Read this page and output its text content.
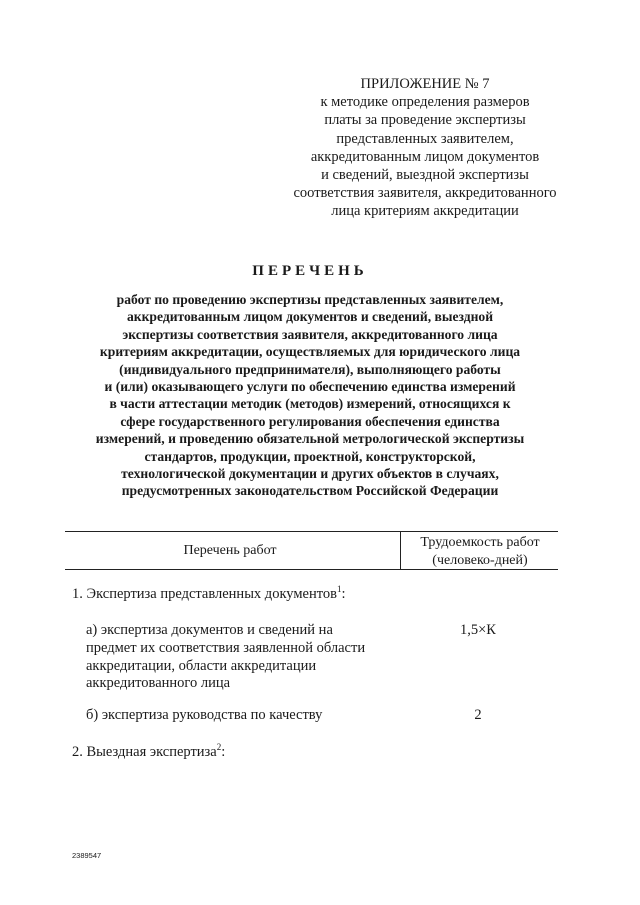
ПРИЛОЖЕНИЕ № 7
к методике определения размеров
платы за проведение экспертизы
представленных заявителем,
аккредитованным лицом документов
и сведений, выездной экспертизы
соответствия заявителя, аккредитованного
лица критериям аккредитации
ПЕРЕЧЕНЬ
работ по проведению экспертизы представленных заявителем,
аккредитованным лицом документов и сведений, выездной
экспертизы соответствия заявителя, аккредитованного лица
критериям аккредитации, осуществляемых для юридического лица
(индивидуального предпринимателя), выполняющего работы
и (или) оказывающего услуги по обеспечению единства измерений
в части аттестации методик (методов) измерений, относящихся к
сфере государственного регулирования обеспечения единства
измерений, и проведению обязательной метрологической экспертизы
стандартов, продукции, проектной, конструкторской,
технологической документации и других объектов в случаях,
предусмотренных законодательством Российской Федерации
Перечень работ
Трудоемкость работ
(человеко-дней)
1. Экспертиза представленных документов$^1$:
а) экспертиза документов и сведений на
предмет их соответствия заявленной области
аккредитации, области аккредитации
аккредитованного лица
1,5×К
б) экспертиза руководства по качеству	2
2. Выездная экспертиза$^2$:
2389547
